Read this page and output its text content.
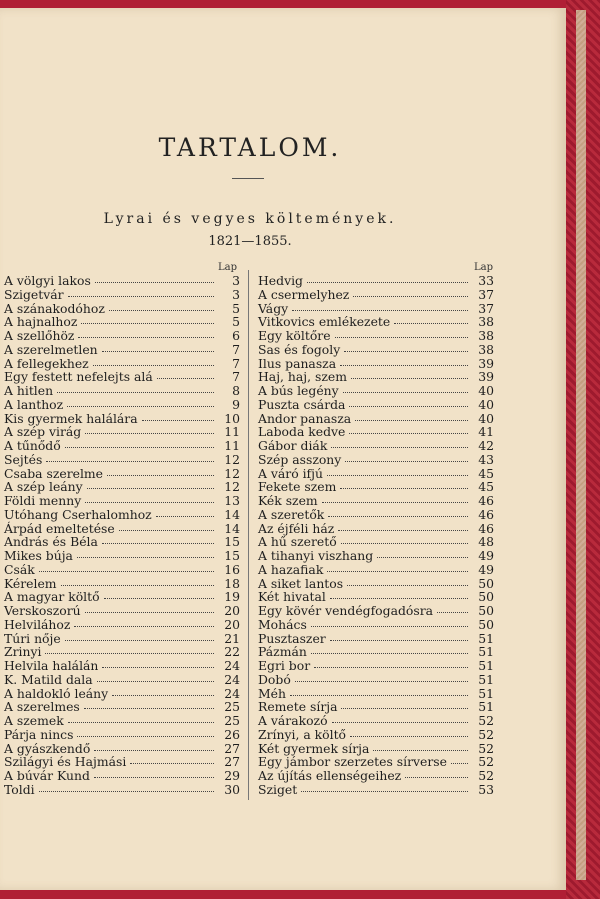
TARTALOM.
Lyrai és vegyes költemények.
1821—1855.
Lap	Lap
A völgyi lakos	3
Szigetvár	3
A szánakodóhoz	5
A hajnalhoz	5
A szellőhöz	6
A szerelmetlen	7
A fellegekhez	7
Egy festett nefelejts alá	7
A hitlen	8
A lanthoz	9
Kis gyermek halálára	10
A szép virág	11
A tűnődő	11
Sejtés	12
Csaba szerelme	12
A szép leány	12
Földi menny	13
Utóhang Cserhalomhoz	14
Árpád emeltetése	14
András és Béla	15
Mikes búja	15
Csák	16
Kérelem	18
A magyar költő	19
Verskoszorú	20
Helvilához	20
Túri nője	21
Zrinyi	22
Helvila halálán	24
K. Matild dala	24
A haldokló leány	24
A szerelmes	25
A szemek	25
Párja nincs	26
A gyászkendő	27
Szilágyi és Hajmási	27
A búvár Kund	29
Toldi	30
Hedvig	33
A csermelyhez	37
Vágy	37
Vitkovics emlékezete	38
Egy költőre	38
Sas és fogoly	38
Ilus panasza	39
Haj, haj, szem	39
A bús legény	40
Puszta csárda	40
Andor panasza	40
Laboda kedve	41
Gábor diák	42
Szép asszony	43
A váró ifjú	45
Fekete szem	45
Kék szem	46
A szeretők	46
Az éjféli ház	46
A hű szerető	48
A tihanyi viszhang	49
A hazafiak	49
A siket lantos	50
Két hivatal	50
Egy kövér vendégfogadósra	50
Mohács	50
Pusztaszer	51
Pázmán	51
Egri bor	51
Dobó	51
Méh	51
Remete sírja	51
A várakozó	52
Zrínyi, a költő	52
Két gyermek sírja	52
Egy jámbor szerzetes sírverse	52
Az újítás ellenségeihez	52
Sziget	53
